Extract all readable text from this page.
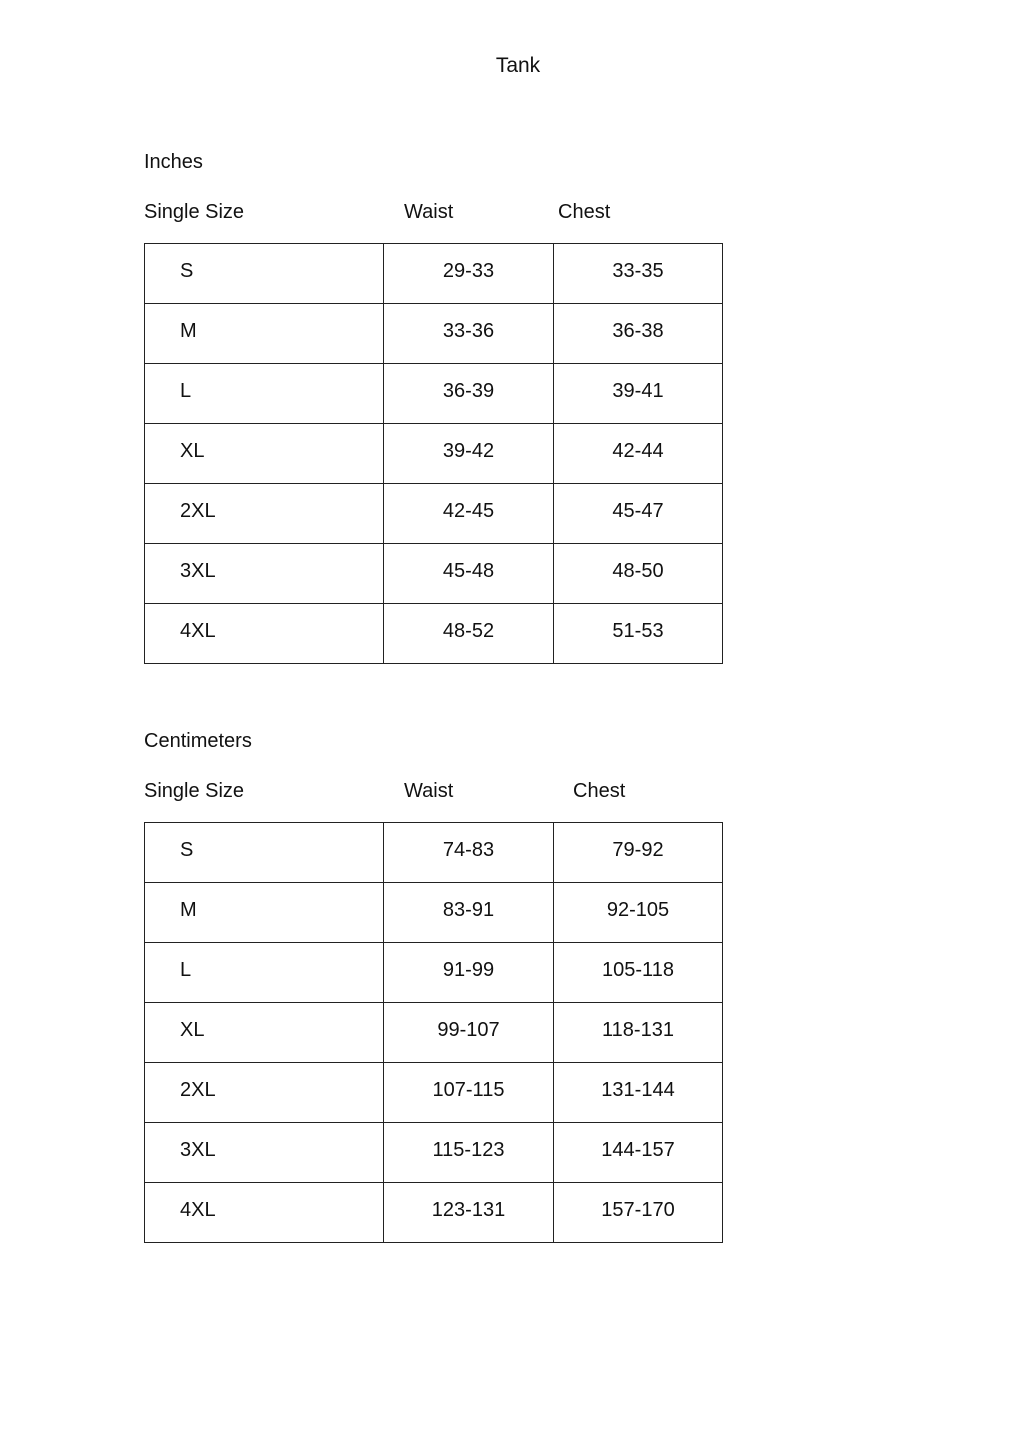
Tank
Inches
Single Size	Waist	Chest
S	29-33	33-35
M	33-36	36-38
L	36-39	39-41
XL	39-42	42-44
2XL	42-45	45-47
3XL	45-48	48-50
4XL	48-52	51-53
Centimeters
Single Size	Waist	Chest
S	74-83	79-92
M	83-91	92-105
L	91-99	105-118
XL	99-107	118-131
2XL	107-115	131-144
3XL	115-123	144-157
4XL	123-131	157-170
